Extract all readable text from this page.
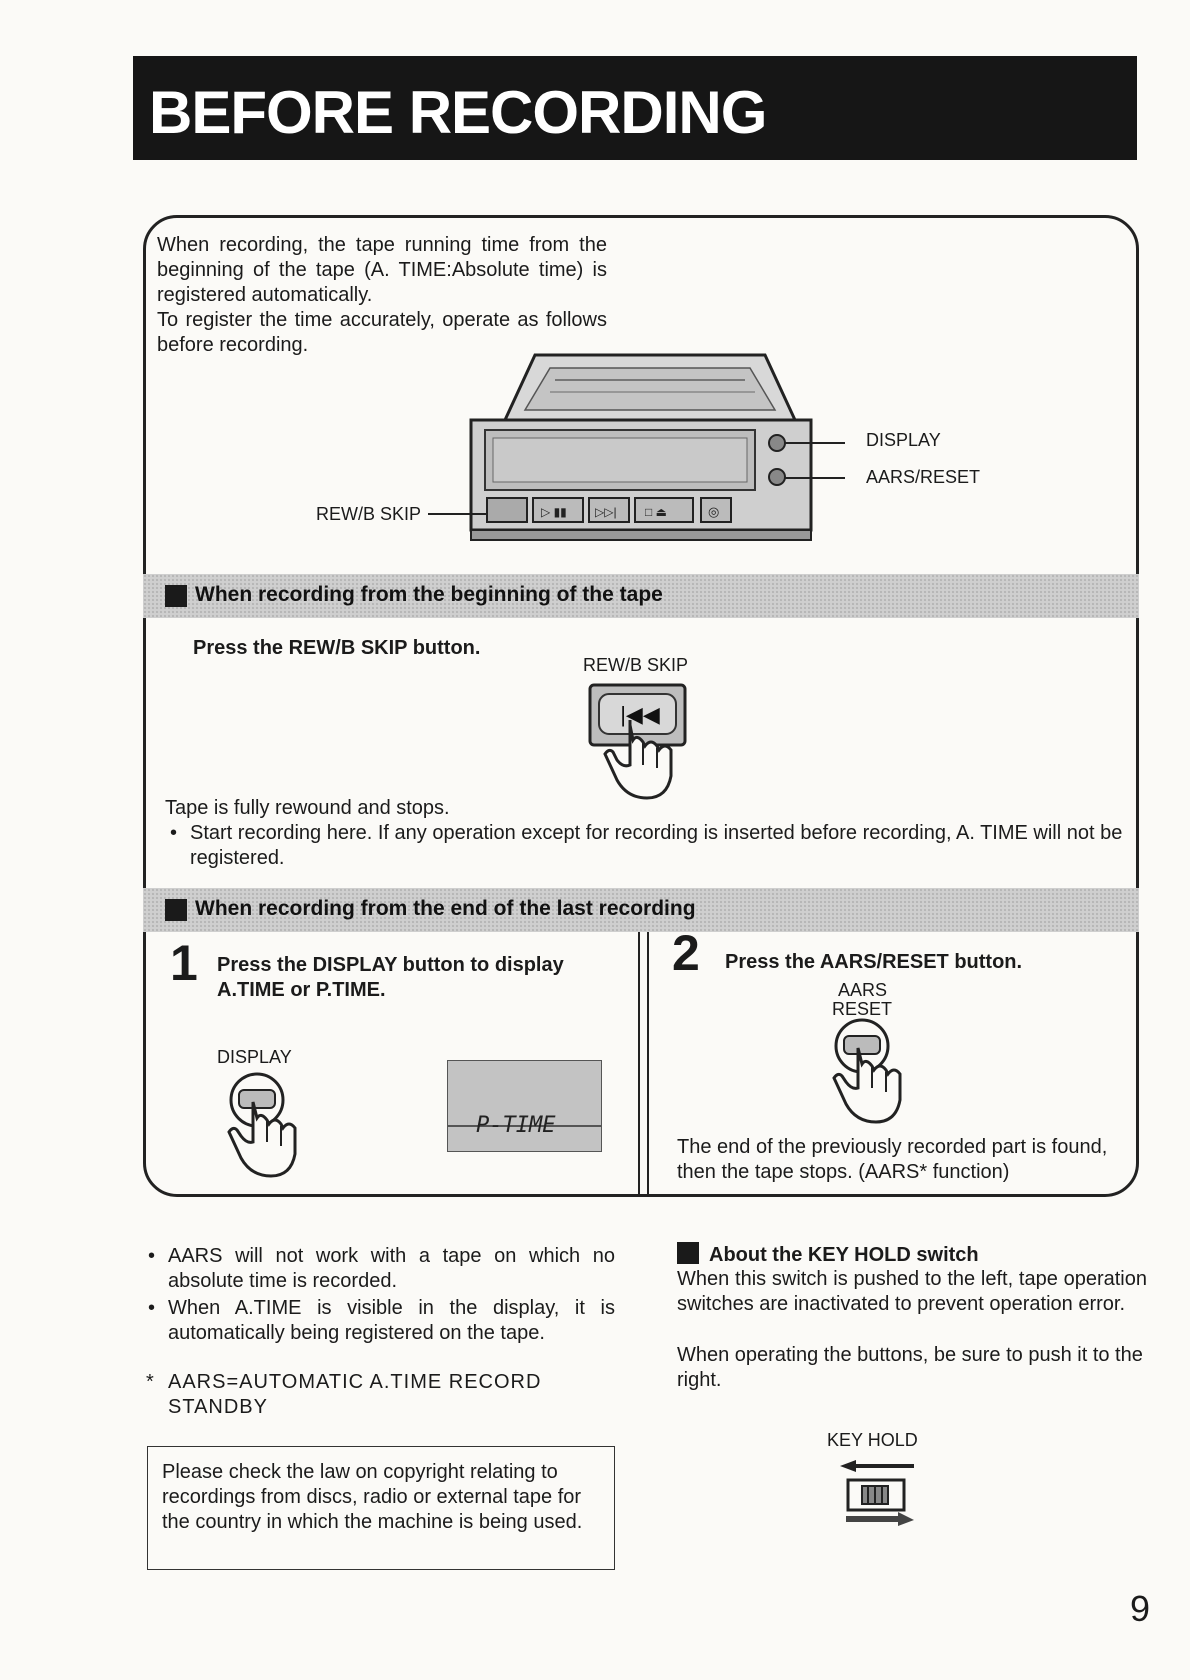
BEFORE RECORDING
When recording, the tape running time from the beginning of the tape (A. TIME:Absolute time) is registered automatically.
To register the time accurately, operate as follows before recording.
▷ ▮▮ ▷▷| □ ⏏	◎
DISPLAY
AARS/RESET
REW/B SKIP
When recording from the beginning of the tape
Press the REW/B SKIP button.
REW/B SKIP
|◀◀
Tape is fully rewound and stops.
• Start recording here. If any operation except for recording is inserted before recording, A. TIME will not be registered.
When recording from the end of the last recording
1 Press the DISPLAY button to display A.TIME or P.TIME.
DISPLAY
P-TIME
2 Press the AARS/RESET button.
AARS
RESET
The end of the previously recorded part is found, then the tape stops. (AARS* function)
• AARS will not work with a tape on which no absolute time is recorded.
• When A.TIME is visible in the display, it is automatically being registered on the tape.
* AARS=AUTOMATIC A.TIME RECORD STANDBY
Please check the law on copyright relating to recordings from discs, radio or external tape for the country in which the machine is being used.
About the KEY HOLD switch
When this switch is pushed to the left, tape operation switches are inactivated to prevent operation error.
When operating the buttons, be sure to push it to the right.
KEY HOLD
9
